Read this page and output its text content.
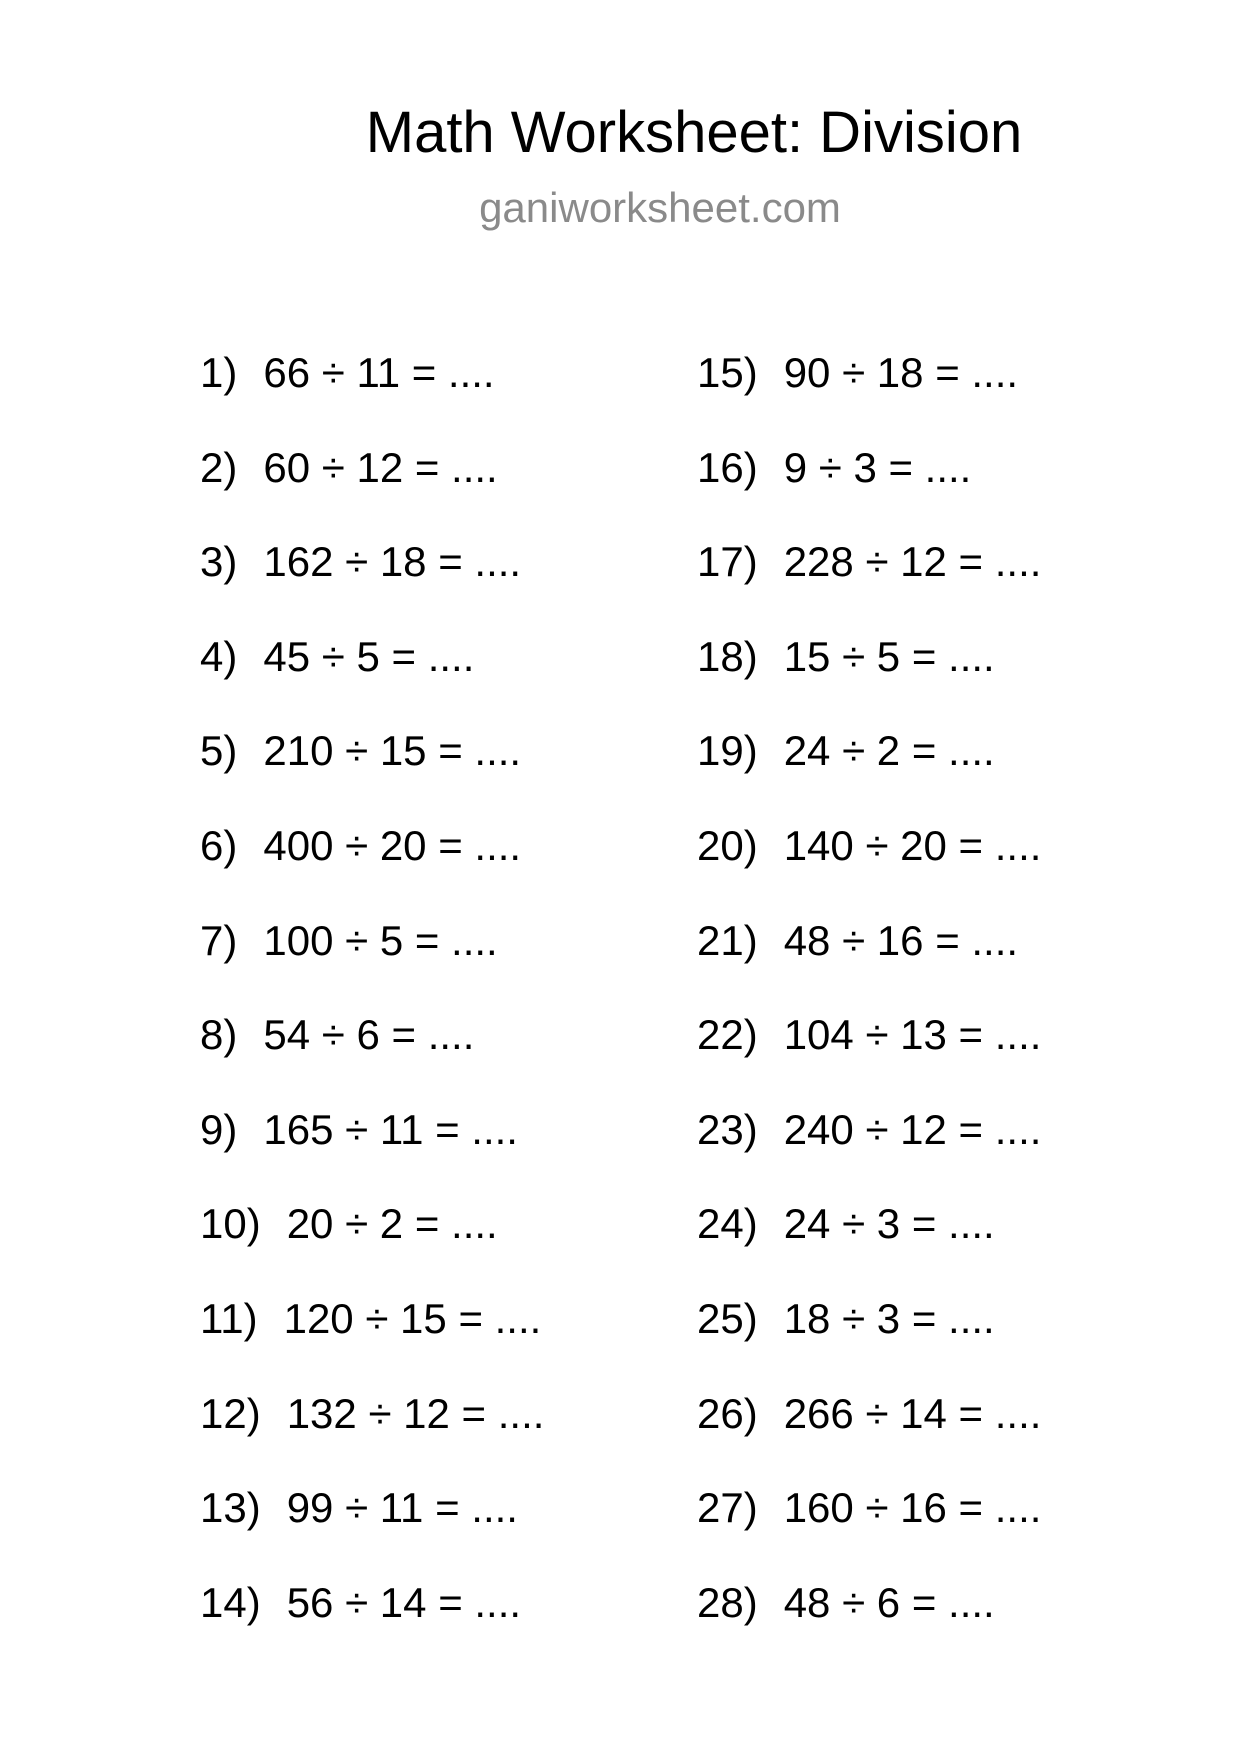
Math Worksheet: Division
ganiworksheet.com
1) 66 ÷ 11 = ....
2) 60 ÷ 12 = ....
3) 162 ÷ 18 = ....
4) 45 ÷ 5 = ....
5) 210 ÷ 15 = ....
6) 400 ÷ 20 = ....
7) 100 ÷ 5 = ....
8) 54 ÷ 6 = ....
9) 165 ÷ 11 = ....
10) 20 ÷ 2 = ....
11) 120 ÷ 15 = ....
12) 132 ÷ 12 = ....
13) 99 ÷ 11 = ....
14) 56 ÷ 14 = ....
15) 90 ÷ 18 = ....
16) 9 ÷ 3 = ....
17) 228 ÷ 12 = ....
18) 15 ÷ 5 = ....
19) 24 ÷ 2 = ....
20) 140 ÷ 20 = ....
21) 48 ÷ 16 = ....
22) 104 ÷ 13 = ....
23) 240 ÷ 12 = ....
24) 24 ÷ 3 = ....
25) 18 ÷ 3 = ....
26) 266 ÷ 14 = ....
27) 160 ÷ 16 = ....
28) 48 ÷ 6 = ....
